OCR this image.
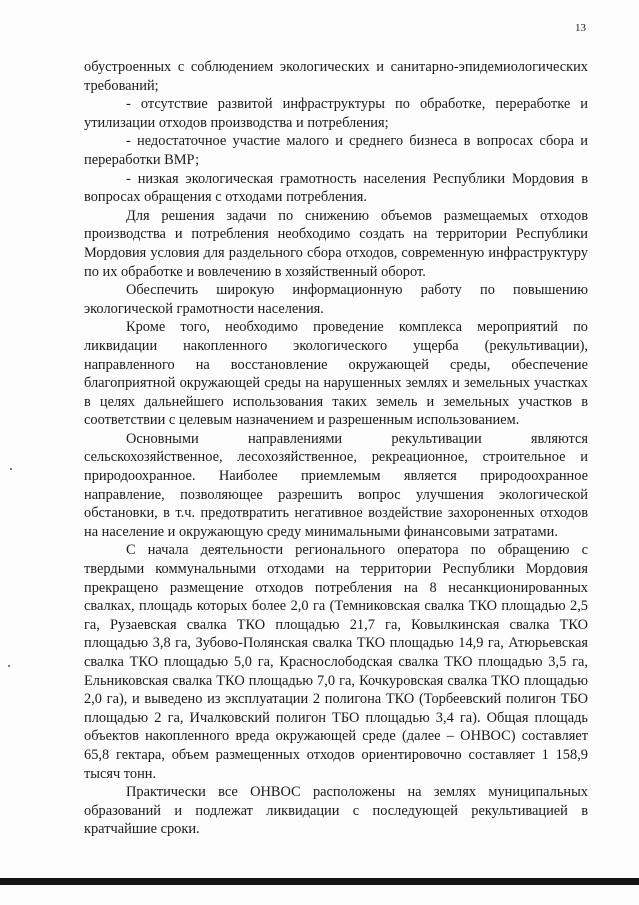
13

обустроенных с соблюдением экологических и санитарно-эпидемиологических требований;

- отсутствие развитой инфраструктуры по обработке, переработке и утилизации отходов производства и потребления;

- недостаточное участие малого и среднего бизнеса в вопросах сбора и переработки ВМР;

- низкая экологическая грамотность населения Республики Мордовия в вопросах обращения с отходами потребления.

Для решения задачи по снижению объемов размещаемых отходов производства и потребления необходимо создать на территории Республики Мордовия условия для раздельного сбора отходов, современную инфраструктуру по их обработке и вовлечению в хозяйственный оборот.

Обеспечить широкую информационную работу по повышению экологической грамотности населения.

Кроме того, необходимо проведение комплекса мероприятий по ликвидации накопленного экологического ущерба (рекультивации), направленного на восстановление окружающей среды, обеспечение благоприятной окружающей среды на нарушенных землях и земельных участках в целях дальнейшего использования таких земель и земельных участков в соответствии с целевым назначением и разрешенным использованием.

Основными направлениями рекультивации являются сельскохозяйственное, лесохозяйственное, рекреационное, строительное и природоохранное. Наиболее приемлемым является природоохранное направление, позволяющее разрешить вопрос улучшения экологической обстановки, в т.ч. предотвратить негативное воздействие захороненных отходов на население и окружающую среду минимальными финансовыми затратами.

С начала деятельности регионального оператора по обращению с твердыми коммунальными отходами на территории Республики Мордовия прекращено размещение отходов потребления на 8 несанкционированных свалках, площадь которых более 2,0 га (Темниковская свалка ТКО площадью 2,5 га, Рузаевская свалка ТКО площадью 21,7 га, Ковылкинская свалка ТКО площадью 3,8 га, Зубово-Полянская свалка ТКО площадью 14,9 га, Атюрьевская свалка ТКО площадью 5,0 га, Краснослободская свалка ТКО площадью 3,5 га, Ельниковская свалка ТКО площадью 7,0 га, Кочкуровская свалка ТКО площадью 2,0 га), и выведено из эксплуатации 2 полигона ТКО (Торбеевский полигон ТБО площадью 2 га, Ичалковский полигон ТБО площадью 3,4 га). Общая площадь объектов накопленного вреда окружающей среде (далее – ОНВОС) составляет 65,8 гектара, объем размещенных отходов ориентировочно составляет 1 158,9 тысяч тонн.

Практически все ОНВОС расположены на землях муниципальных образований и подлежат ликвидации с последующей рекультивацией в кратчайшие сроки.
